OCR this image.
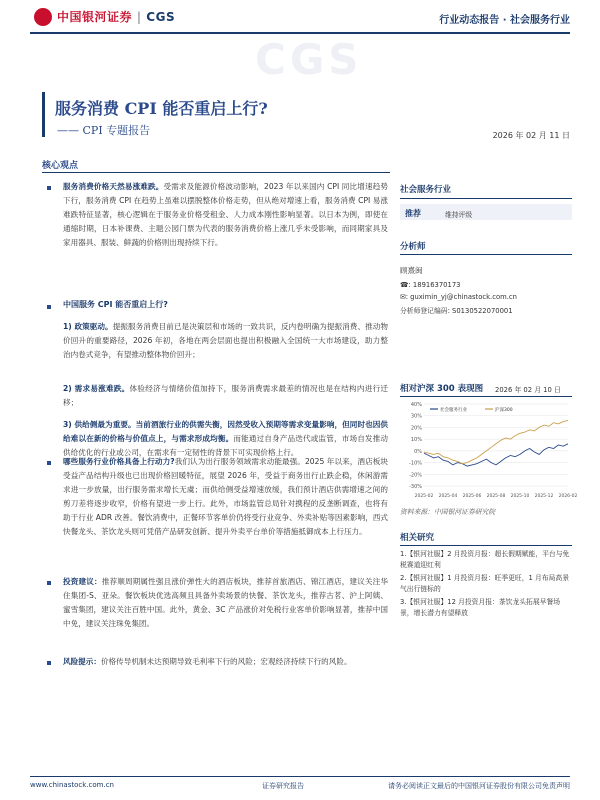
中国银河证券 | CGS	行业动态报告 · 社会服务行业
CGS
服务消费 CPI 能否重启上行?
—— CPI 专题报告	2026 年 02 月 11 日
核心观点
服务消费价格天然易涨难跌。受需求及能源价格波动影响，2023 年以来国内 CPI 同比增速趋势下行，服务消费 CPI 在趋势上虽难以摆脱整体价格走势，但从绝对增速上看，服务消费 CPI 易涨难跌特征显著，核心逻辑在于服务业价格受租金、人力成本刚性影响显著。以日本为例，即使在通缩时期，日本补课费、主题公园门票为代表的服务消费价格上涨几乎未受影响，而同期家具及家用器具、服装、鲜蔬的价格则出现持续下行。
中国服务 CPI 能否重启上行?
1) 政策驱动。提振服务消费目前已是决策层和市场的一致共识，反内卷明确为提振消费、推动物价回升的重要路径，2026 年初，各地在两会层面也提出积极融入全国统一大市场建设，助力整治内卷式竞争，有望推动整体物价回升；
2) 需求易涨难跌。体验经济与情绪价值加持下，服务消费需求最差的情况也是在结构内进行迁移；
3) 供给侧最为重要。当前酒旅行业的供需失衡，因然受收入预期等需求变量影响，但同时也因供给难以在新的价格与价值点上，与需求形成均衡。而能通过自身产品迭代或监管，市场自发推动供给优化的行业或公司，在需求有一定韧性的背景下可实现价格上行。
哪些服务行业价格具备上行动力?我们认为出行服务领域需求动能最强。2025 年以来，酒店板块受益产品结构升级也已出现价格回暖特征，展望 2026 年，受益于商务出行止跌企稳，休闲游需求进一步放量，出行服务需求增长无虞；而供给侧受益增速放缓，我们预计酒店供需增速之间的剪刀差将逐步收窄，价格有望进一步上行。此外，市场监管总局针对携程的反垄断调查，也将有助于行业 ADR 改善。餐饮消费中，正餐环节客单价仍将受行业竞争、外卖补贴等因素影响，西式快餐龙头、茶饮龙头则可凭借产品研发创新、提升外卖平台单价等措施抵御成本上行压力。
投资建议：推荐顺周期属性强且涨价弹性大的酒店板块，推荐首旅酒店、锦江酒店，建议关注华住集团-S、亚朵。餐饮板块优选高频且具备外卖场景的快餐、茶饮龙头，推荐古茗、沪上阿姨、蜜雪集团，建议关注百胜中国。此外，黄金、3C 产品涨价对免税行业客单价影响显著，推荐中国中免，建议关注珠免集团。
风险提示：价格传导机制未达预期导致毛利率下行的风险；宏观经济持续下行的风险。
社会服务行业
推荐	维持评级
分析师
顾熹闽
☎: 18916370173
✉: guximin_yj@chinastock.com.cn
分析师登记编码: S0130522070001
相对沪深 300 表现图 2026 年 02 月 10 日
40%
30%
20%
10%
0%
-10%
-20%
-30%
2025-02 2025-04 2025-06 2025-08 2025-10 2025-12 2026-02
社会服务行业	沪深300
资料来源：中国银河证券研究院
相关研究
1.【银河社服】2 月投资月报：超长假期赋能，平台与免税赛道迎红利
2.【银河社服】1 月投资月报：旺季更旺，1 月布局高景气出行链标的
3.【银河社服】12 月投资月报：茶饮龙头拓展早餐场景，增长潜力有望释放
www.chinastock.com.cn	证券研究报告	请务必阅读正文最后的中国银河证券股份有限公司免责声明
